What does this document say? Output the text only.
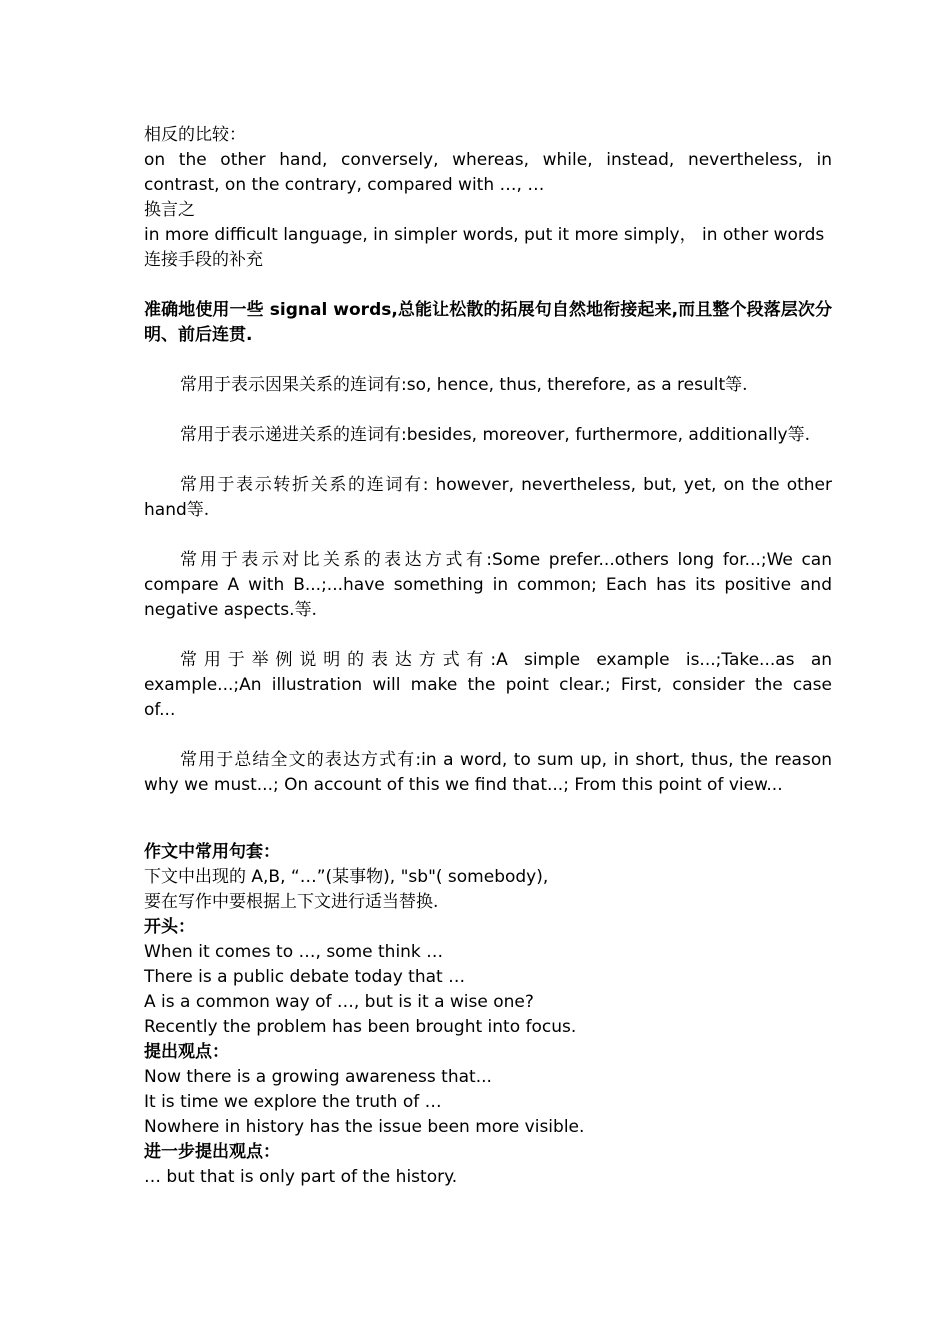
相反的比较：

on the other hand, conversely, whereas, while, instead, nevertheless, in contrast, on the contrary, compared with …, …

换言之

in more difficult language, in simpler words, put it more simply， in other words

连接手段的补充

准确地使用一些 signal words,总能让松散的拓展句自然地衔接起来,而且整个段落层次分明、前后连贯.

常用于表示因果关系的连词有:so, hence, thus, therefore, as a result等.

常用于表示递进关系的连词有:besides, moreover, furthermore, additionally等.

常用于表示转折关系的连词有: however, nevertheless, but, yet, on the other hand等.

常用于表示对比关系的表达方式有:Some prefer...others long for...;We can compare A with B...;...have something in common; Each has its positive and negative aspects.等.

常用于举例说明的表达方式有:A simple example is...;Take...as an example...;An illustration will make the point clear.; First, consider the case of...

常用于总结全文的表达方式有:in a word, to sum up, in short, thus, the reason why we must...; On account of this we find that...; From this point of view...

作文中常用句套：

下文中出现的 A,B, “…”(某事物), "sb"( somebody),

要在写作中要根据上下文进行适当替换.

开头：

When it comes to …, some think …

There is a public debate today that …

A is a common way of …, but is it a wise one?

Recently the problem has been brought into focus.

提出观点：

Now there is a growing awareness that...

It is time we explore the truth of …

Nowhere in history has the issue been more visible.

进一步提出观点：

… but that is only part of the history.
